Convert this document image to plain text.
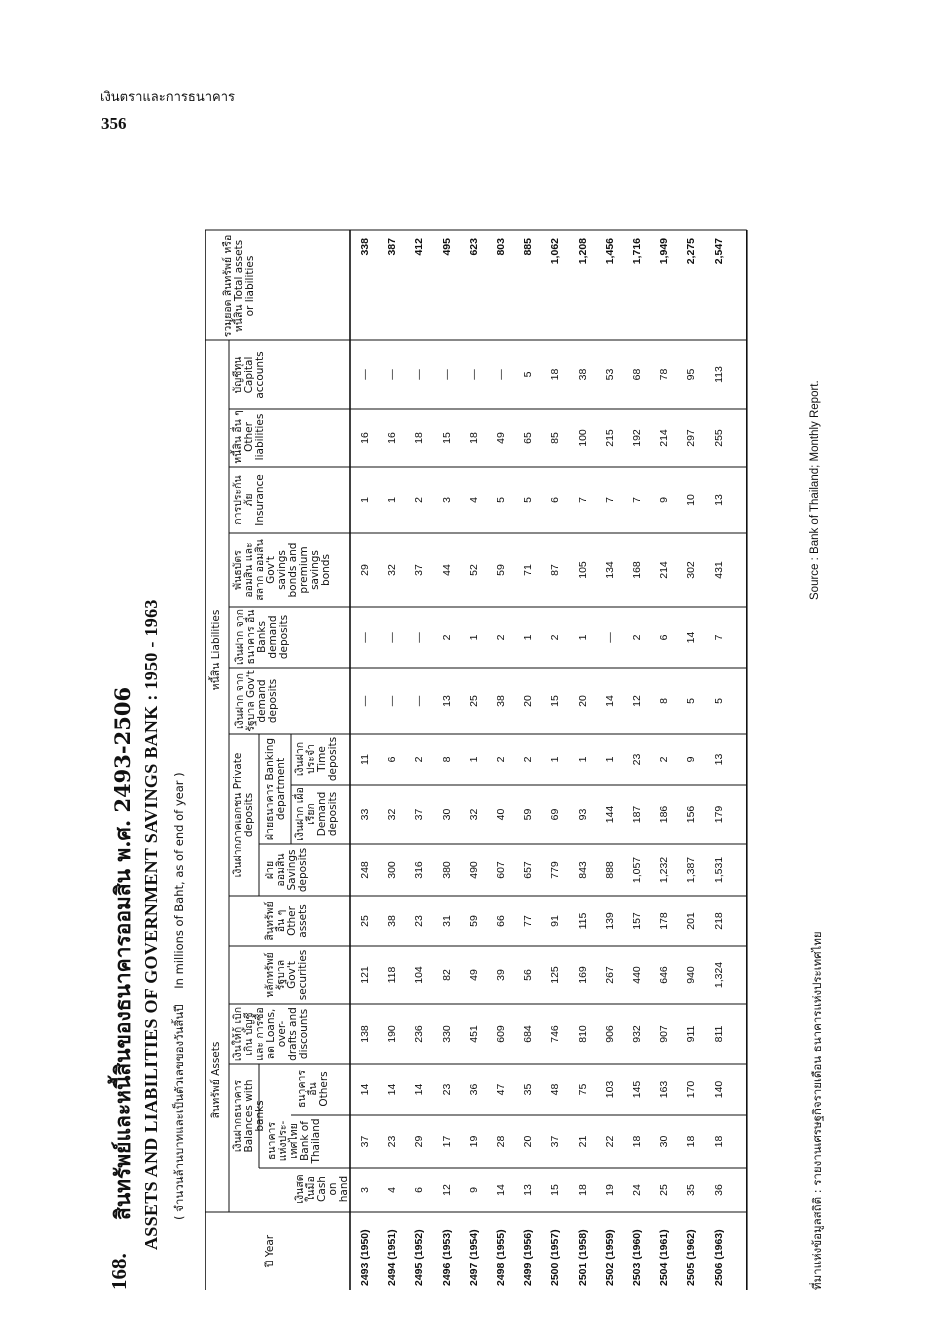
เงินตราและการธนาคาร
356
168.
สินทรัพย์และหนี้สินของธนาคารออมสิน พ.ศ. 2493-2506 ASSETS AND LIABILITIES OF GOVERNMENT SAVINGS BANK : 1950 - 1963 ( จำนวนล้านบาทและเป็นตัวเลขของวันสิ้นปี In millions of Baht, as of end of year )
ปี Year
สินทรัพย์ Assets
หนี้สิน Liabilities
เงินฝากธนาคาร Balances with banks
เงินฝากภาคเอกชน Private deposits ฝ่ายธนาคาร Banking department
เงินสด ในมือ Cash on hand
ธนาคาร แห่งประ- เทศไทย Bank of Thailand
ธนาคาร อื่น Others
เงินให้กู้ เบิกเกิน บัญชีและ การซื้อลด Loans, over- drafts and discounts
หลักทรัพย์ รัฐบาล Gov't securities
สินทรัพย์ อื่น ๆ Other assets
ฝ่าย ออมสิน Savings deposits
เงินฝาก เผื่อเรียก Demand deposits
เงินฝาก ประจำ Time deposits
เงินฝาก จากรัฐบาล Gov't demand deposits
เงินฝาก จาก ธนาคาร อื่น Banks demand deposits
พันธบัตร ออมสิน และสลาก ออมสิน Gov't savings bonds and premium savings bonds
การประกัน ภัย Insurance
หนี้สิน อื่น ๆ Other liabilities
บัญชีทุน Capital accounts
รวมยอด สินทรัพย์ หรือ หนี้สิน Total assets or liabilities
2493 (1950)
3
37
14
138
121
25
248
33
11
—
—
29
1
16
—
338
2494 (1951)
4
23
14
190
118
38
300
32
6
—
—
32
1
16
—
387
2495 (1952)
6
29
14
236
104
23
316
37
2
—
—
37
2
18
—
412
2496 (1953)
12
17
23
330
82
31
380
30
8
13
2
44
3
15
—
495
2497 (1954)
9
19
36
451
49
59
490
32
1
25
1
52
4
18
—
623
2498 (1955)
14
28
47
609
39
66
607
40
2
38
2
59
5
49
—
803
2499 (1956)
13
20
35
684
56
77
657
59
2
20
1
71
5
65
5
885
2500 (1957)
15
37
48
746
125
91
779
69
1
15
2
87
6
85
18
1,062
2501 (1958)
18
21
75
810
169
115
843
93
1
20
1
105
7
100
38
1,208
2502 (1959)
19
22
103
906
267
139
888
144
1
14
—
134
7
215
53
1,456
2503 (1960)
24
18
145
932
440
157
1,057
187
23
12
2
168
7
192
68
1,716
2504 (1961)
25
30
163
907
646
178
1,232
186
2
8
6
214
9
214
78
1,949
2505 (1962)
35
18
170
911
940
201
1,387
156
9
5
14
302
10
297
95
2,275
2506 (1963)
36
18
140
811
1,324
218
1,531
179
13
5
7
431
13
255
113
2,547
ที่มาแห่งข้อมูลสถิติ : รายงานเศรษฐกิจรายเดือน ธนาคารแห่งประเทศไทย
Source : Bank of Thailand; Monthly Report.
